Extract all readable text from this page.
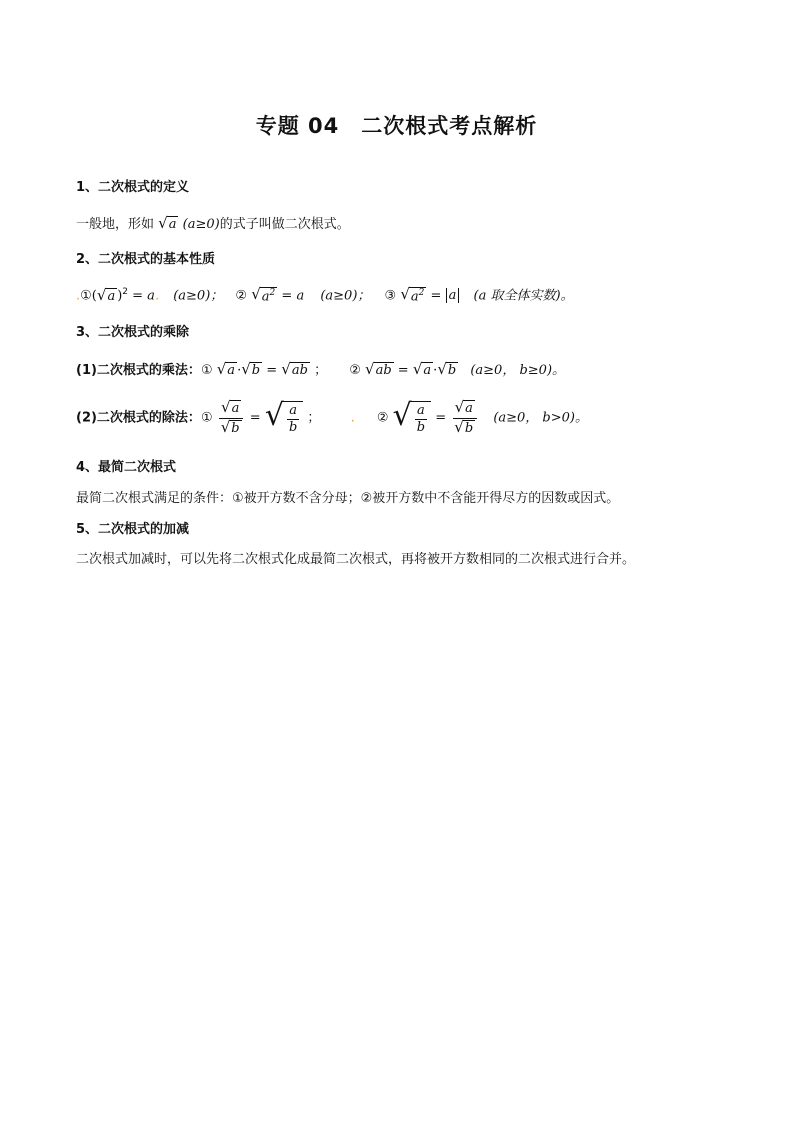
专题 04 二次根式考点解析
1、二次根式的定义
一般地，形如 √ a (a≥0)的式子叫做二次根式。
2、二次根式的基本性质
.①( √ a )$^2$ = a. (a≥0)； ② √ $a^2 = a$ (a≥0)； ③ √ $a^2 = a$ (a 取全体实数)。
3、二次根式的乘除
(1)二次根式的乘法：① √ a · √ b = √ ab ； ② √ ab = √ a · √ b (a≥0， b≥0)。
(2)二次根式的除法：① $\frac{√ a}{√ b}$ = √ $\frac{a}{b}$ ； . ② √ $\frac{a}{b} = \frac{√ a}{√ b} (a\ge 0$， b>0)。
4、最简二次根式
最简二次根式满足的条件：①被开方数不含分母；②被开方数中不含能开得尽方的因数或因式。
5、二次根式的加减
二次根式加减时，可以先将二次根式化成最简二次根式，再将被开方数相同的二次根式进行合并。
